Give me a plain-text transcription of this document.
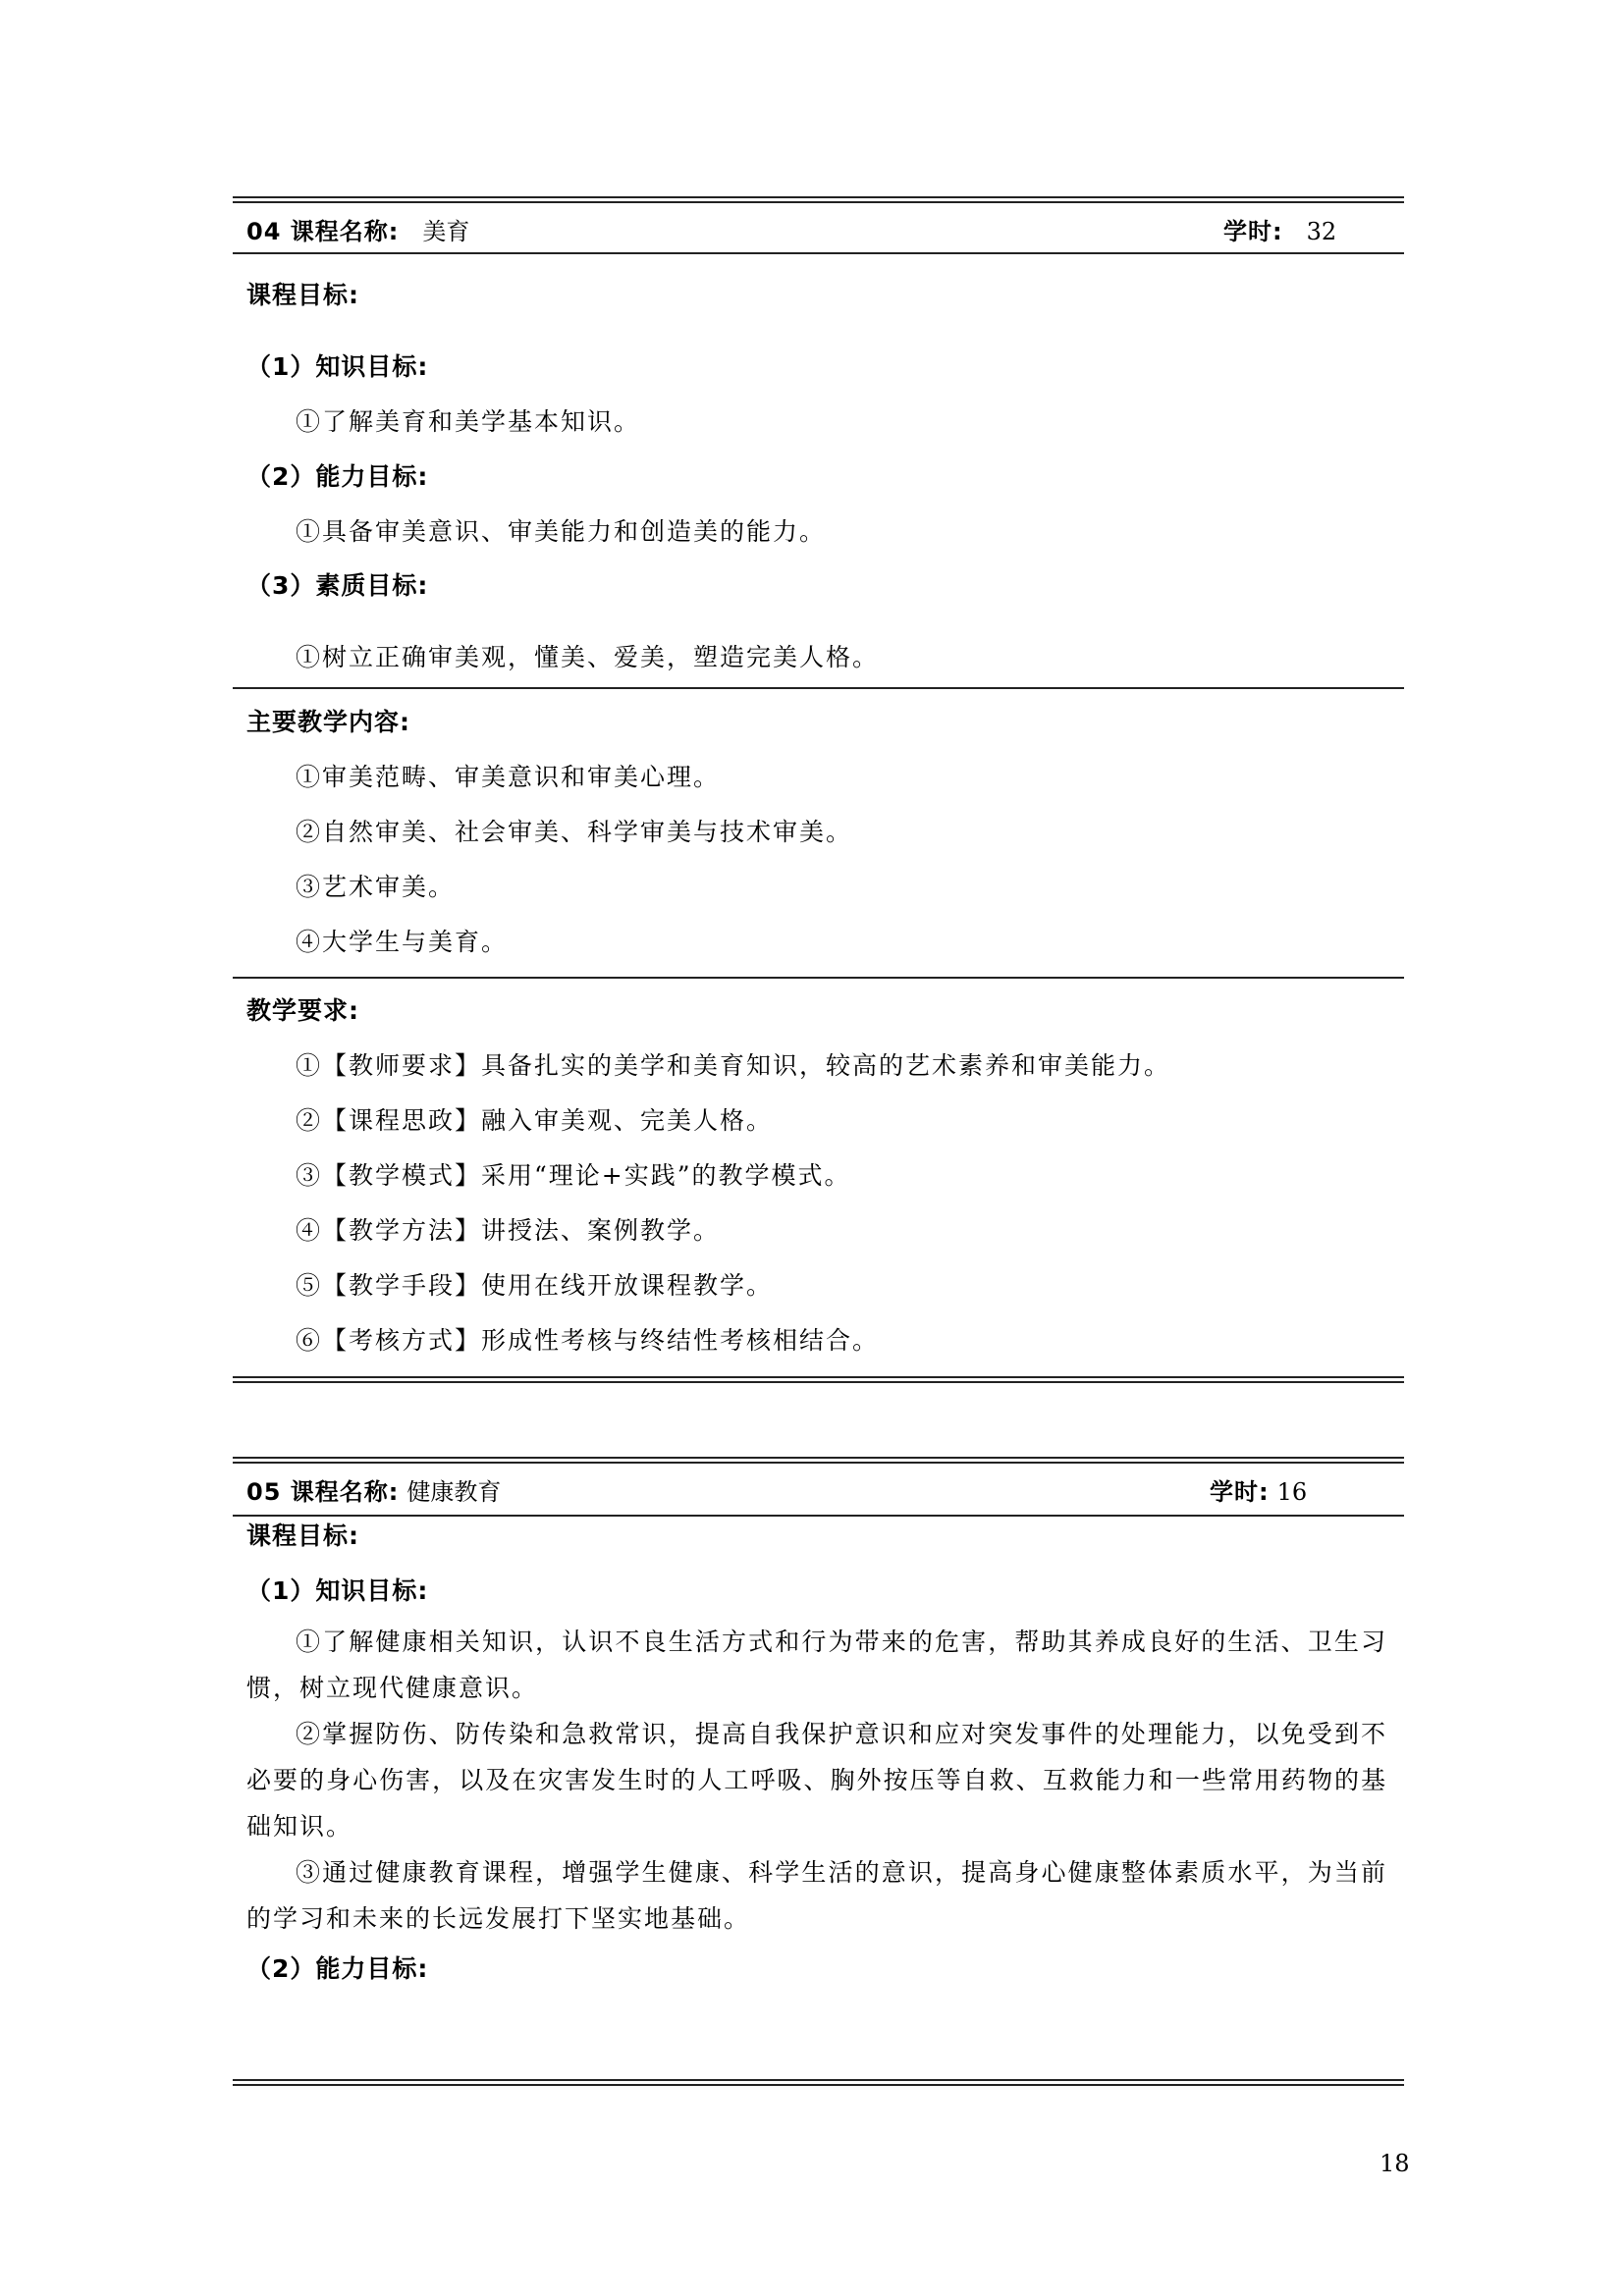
04 课程名称: 美育	学时: 32
课程目标:
（1）知识目标:
①了解美育和美学基本知识。
（2）能力目标:
①具备审美意识、审美能力和创造美的能力。
（3）素质目标:
①树立正确审美观，懂美、爱美，塑造完美人格。
主要教学内容:
①审美范畴、审美意识和审美心理。
②自然审美、社会审美、科学审美与技术审美。
③艺术审美。
④大学生与美育。
教学要求:
①【教师要求】具备扎实的美学和美育知识，较高的艺术素养和审美能力。
②【课程思政】融入审美观、完美人格。
③【教学模式】采用“理论+实践”的教学模式。
④【教学方法】讲授法、案例教学。
⑤【教学手段】使用在线开放课程教学。
⑥【考核方式】形成性考核与终结性考核相结合。
05 课程名称: 健康教育	学时: 16
课程目标:
（1）知识目标:
①了解健康相关知识，认识不良生活方式和行为带来的危害，帮助其养成良好的生活、卫生习惯，树立现代健康意识。
②掌握防伤、防传染和急救常识，提高自我保护意识和应对突发事件的处理能力，以免受到不必要的身心伤害，以及在灾害发生时的人工呼吸、胸外按压等自救、互救能力和一些常用药物的基础知识。
③通过健康教育课程，增强学生健康、科学生活的意识，提高身心健康整体素质水平，为当前的学习和未来的长远发展打下坚实地基础。
（2）能力目标:
18
